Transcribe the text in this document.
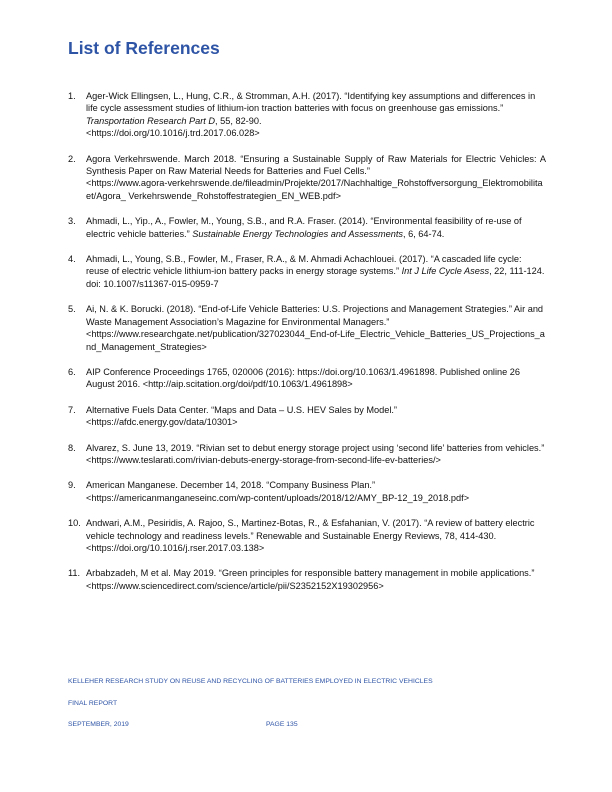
List of References
1. Ager-Wick Ellingsen, L., Hung, C.R., & Stromman, A.H. (2017). “Identifying key assumptions and differences in life cycle assessment studies of lithium-ion traction batteries with focus on greenhouse gas emissions.” Transportation Research Part D, 55, 82-90.
<https://doi.org/10.1016/j.trd.2017.06.028>
2. Agora Verkehrswende. March 2018. “Ensuring a Sustainable Supply of Raw Materials for Electric Vehicles: A Synthesis Paper on Raw Material Needs for Batteries and Fuel Cells.”
<https://www.agora-verkehrswende.de/fileadmin/Projekte/2017/Nachhaltige_Rohstoffversorgung_Elektromobilitaet/Agora_ Verkehrswende_Rohstoffestrategien_EN_WEB.pdf>
3. Ahmadi, L., Yip., A., Fowler, M., Young, S.B., and R.A. Fraser. (2014). “Environmental feasibility of re-use of electric vehicle batteries.” Sustainable Energy Technologies and Assessments, 6, 64-74.
4. Ahmadi, L., Young, S.B., Fowler, M., Fraser, R.A., & M. Ahmadi Achachlouei. (2017). “A cascaded life cycle: reuse of electric vehicle lithium-ion battery packs in energy storage systems.” Int J Life Cycle Asess, 22, 111-124. doi: 10.1007/s11367-015-0959-7
5. Ai, N. & K. Borucki. (2018). “End-of-Life Vehicle Batteries: U.S. Projections and Management Strategies.” Air and Waste Management Association’s Magazine for Environmental Managers.”
<https://www.researchgate.net/publication/327023044_End-of-Life_Electric_Vehicle_Batteries_US_Projections_and_Management_Strategies>
6. AIP Conference Proceedings 1765, 020006 (2016): https://doi.org/10.1063/1.4961898. Published online 26 August 2016. <http://aip.scitation.org/doi/pdf/10.1063/1.4961898>
7. Alternative Fuels Data Center. “Maps and Data – U.S. HEV Sales by Model.”
<https://afdc.energy.gov/data/10301>
8. Alvarez, S. June 13, 2019. “Rivian set to debut energy storage project using ‘second life’ batteries from vehicles.” <https://www.teslarati.com/rivian-debuts-energy-storage-from-second-life-ev-batteries/>
9. American Manganese. December 14, 2018. “Company Business Plan.”
<https://americanmanganeseinc.com/wp-content/uploads/2018/12/AMY_BP-12_19_2018.pdf>
10. Andwari, A.M., Pesiridis, A. Rajoo, S., Martinez-Botas, R., & Esfahanian, V. (2017). “A review of battery electric vehicle technology and readiness levels.” Renewable and Sustainable Energy Reviews, 78, 414-430. <https://doi.org/10.1016/j.rser.2017.03.138>
11. Arbabzadeh, M et al. May 2019. “Green principles for responsible battery management in mobile applications.”
<https://www.sciencedirect.com/science/article/pii/S2352152X19302956>
KELLEHER RESEARCH STUDY ON REUSE AND RECYCLING OF BATTERIES EMPLOYED IN ELECTRIC VEHICLES
FINAL REPORT
SEPTEMBER, 2019	PAGE 135
